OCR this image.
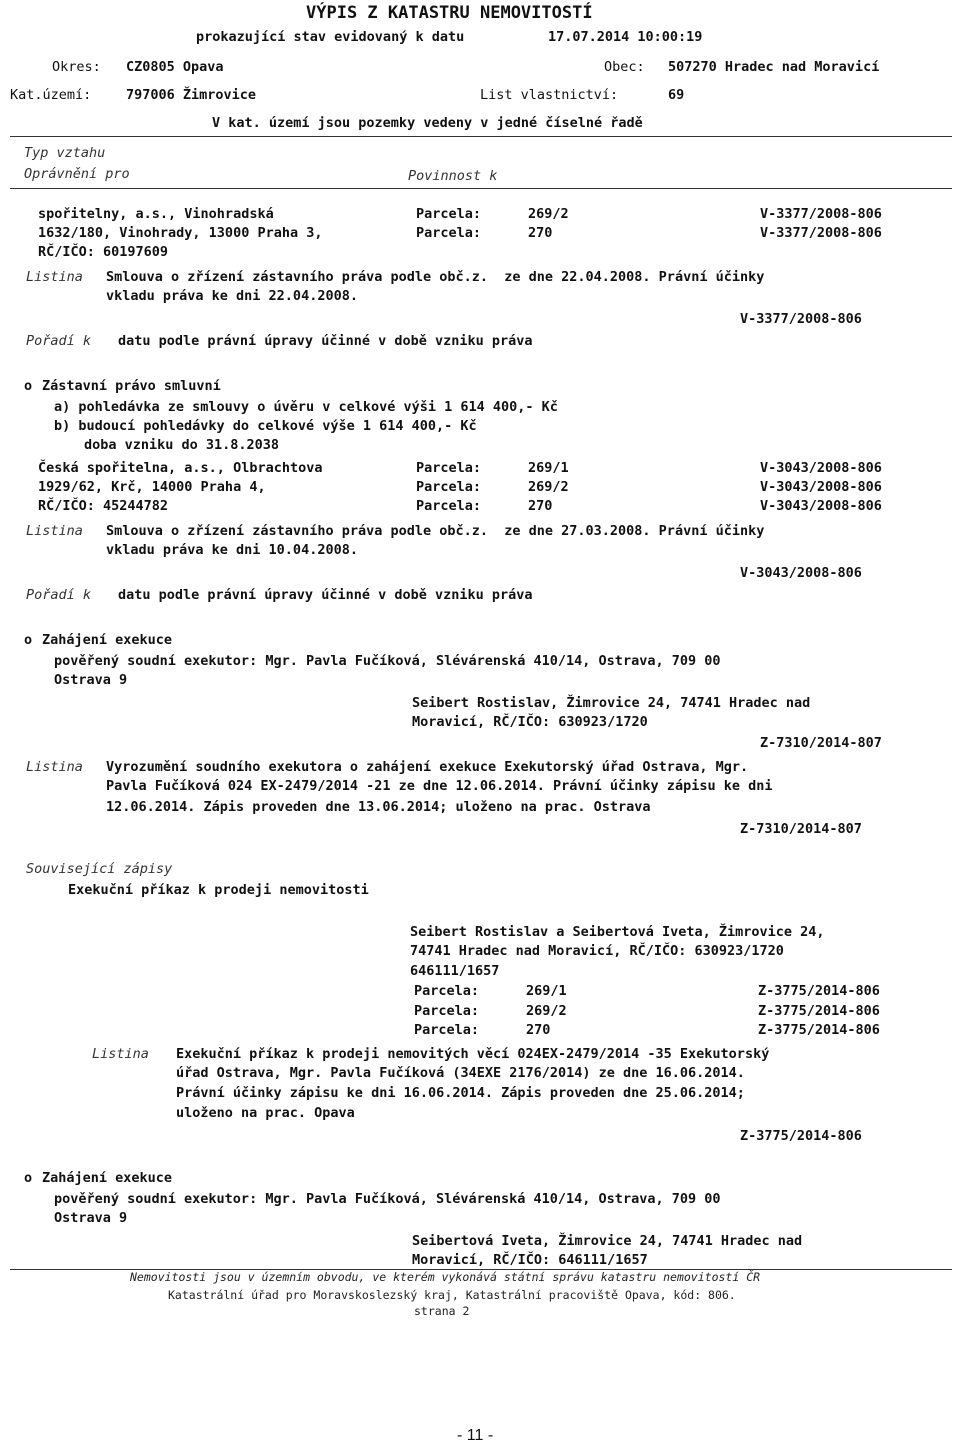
VÝPIS Z KATASTRU NEMOVITOSTÍ
prokazující stav evidovaný k datu	17.07.2014 10:00:19
Okres: CZ0805 Opava	Obec: 507270 Hradec nad Moravicí
Kat.území:	797006 Žimrovice	List vlastnictví:	69
V kat. území jsou pozemky vedeny v jedné číselné řadě
Typ vztahu
Oprávnění pro	Povinnost k
spořitelny, a.s., Vinohradská
1632/180, Vinohrady, 13000 Praha 3,
RČ/IČO: 60197609
Parcela:	269/2	V-3377/2008-806
Parcela:	270	V-3377/2008-806
Listina Smlouva o zřízení zástavního práva podle obč.z.  ze dne 22.04.2008. Právní účinky
vkladu práva ke dni 22.04.2008.
V-3377/2008-806
Pořadí k datu podle právní úpravy účinné v době vzniku práva
o Zástavní právo smluvní
a) pohledávka ze smlouvy o úvěru v celkové výši 1 614 400,- Kč
b) budoucí pohledávky do celkové výše 1 614 400,- Kč
doba vzniku do 31.8.2038
Česká spořitelna, a.s., Olbrachtova
1929/62, Krč, 14000 Praha 4,
RČ/IČO: 45244782
Parcela:	269/1	V-3043/2008-806
Parcela:	269/2	V-3043/2008-806
Parcela:	270	V-3043/2008-806
Listina Smlouva o zřízení zástavního práva podle obč.z.  ze dne 27.03.2008. Právní účinky
vkladu práva ke dni 10.04.2008.
V-3043/2008-806
Pořadí k datu podle právní úpravy účinné v době vzniku práva
o Zahájení exekuce
pověřený soudní exekutor: Mgr. Pavla Fučíková, Slévárenská 410/14, Ostrava, 709 00
Ostrava 9
Seibert Rostislav, Žimrovice 24, 74741 Hradec nad
Moravicí, RČ/IČO: 630923/1720
Z-7310/2014-807
Listina Vyrozumění soudního exekutora o zahájení exekuce Exekutorský úřad Ostrava, Mgr.
Pavla Fučíková 024 EX-2479/2014 -21 ze dne 12.06.2014. Právní účinky zápisu ke dni
12.06.2014. Zápis proveden dne 13.06.2014; uloženo na prac. Ostrava
Z-7310/2014-807
Související zápisy
Exekuční příkaz k prodeji nemovitosti
Seibert Rostislav a Seibertová Iveta, Žimrovice 24,
74741 Hradec nad Moravicí, RČ/IČO: 630923/1720
646111/1657
Parcela:	269/1	Z-3775/2014-806
Parcela:	269/2	Z-3775/2014-806
Parcela:	270	Z-3775/2014-806
Listina Exekuční příkaz k prodeji nemovitých věcí 024EX-2479/2014 -35 Exekutorský
úřad Ostrava, Mgr. Pavla Fučíková (34EXE 2176/2014) ze dne 16.06.2014.
Právní účinky zápisu ke dni 16.06.2014. Zápis proveden dne 25.06.2014;
uloženo na prac. Opava
Z-3775/2014-806
o Zahájení exekuce
pověřený soudní exekutor: Mgr. Pavla Fučíková, Slévárenská 410/14, Ostrava, 709 00
Ostrava 9
Seibertová Iveta, Žimrovice 24, 74741 Hradec nad
Moravicí, RČ/IČO: 646111/1657
Nemovitosti jsou v územním obvodu, ve kterém vykonává státní správu katastru nemovitostí ČR
Katastrální úřad pro Moravskoslezský kraj, Katastrální pracoviště Opava, kód: 806.
strana 2
- 11 -
